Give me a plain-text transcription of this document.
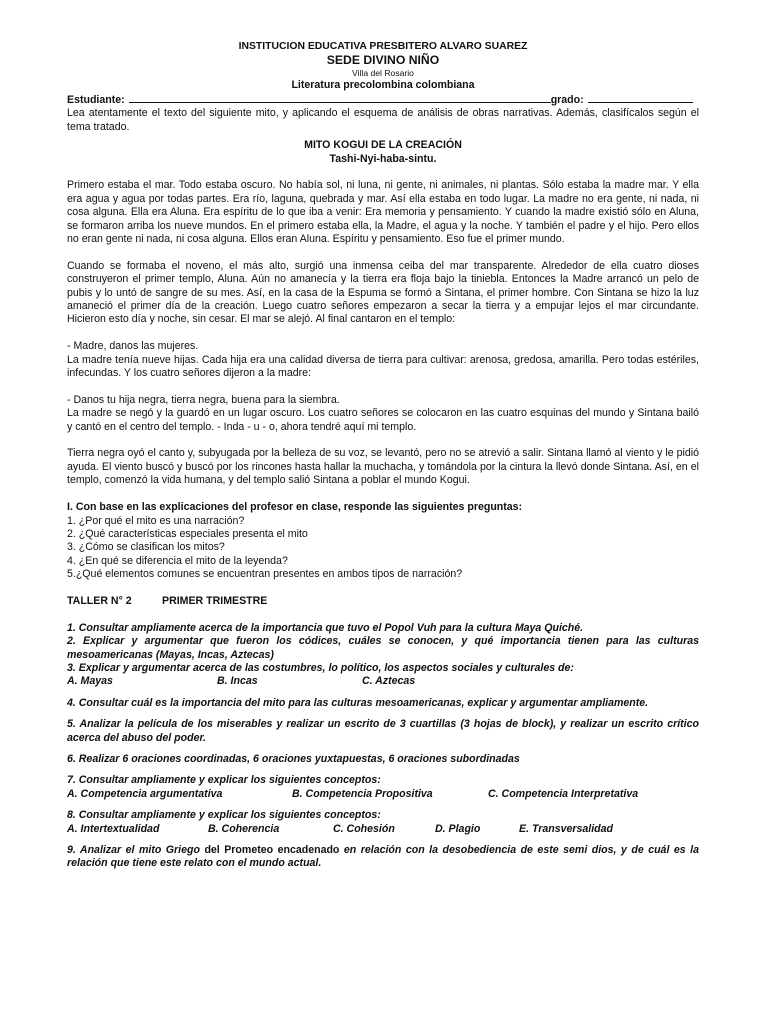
INSTITUCION EDUCATIVA PRESBITERO ALVARO SUAREZ
SEDE DIVINO NIÑO
Villa del Rosario
Literatura precolombina colombiana
Estudiante:	grado:

Lea atentamente el texto del siguiente mito, y aplicando el esquema de análisis de obras narrativas. Además, clasifícalos según el tema tratado.

MITO KOGUI DE LA CREACIÓN
Tashi-Nyi-haba-sintu.

Primero estaba el mar. Todo estaba oscuro. No había sol, ni luna, ni gente, ni animales, ni plantas. Sólo estaba la madre mar. Y ella era agua y agua por todas partes. Era río, laguna, quebrada y mar. Así ella estaba en todo lugar. La madre no era gente, ni nada, ni cosa alguna. Ella era Aluna. Era espíritu de lo que iba a venir: Era memoria y pensamiento. Y cuando la madre existió sólo en Aluna, se formaron arriba los nueve mundos. En el primero estaba ella, la Madre, el agua y la noche. Y también el padre y el hijo. Pero ellos no eran gente ni nada, ni cosa alguna. Ellos eran Aluna. Espíritu y pensamiento. Eso fue el primer mundo.

Cuando se formaba el noveno, el más alto, surgió una inmensa ceiba del mar transparente. Alrededor de ella cuatro dioses construyeron el primer templo, Aluna. Aún no amanecía y la tierra era floja bajo la tiniebla. Entonces la Madre arrancó un pelo de pubis y lo untó de sangre de su mes. Así, en la casa de la Espuma se formó a Sintana, el primer hombre. Con Sintana se hizo la luz amaneció el primer día de la creación. Luego cuatro señores empezaron a secar la tierra y a empujar lejos el mar circundante. Hicieron esto día y noche, sin cesar. El mar se alejó. Al final cantaron en el templo:

- Madre, danos las mujeres.

La madre tenía nueve hijas. Cada hija era una calidad diversa de tierra para cultivar: arenosa, gredosa, amarilla. Pero todas estériles, infecundas. Y los cuatro señores dijeron a la madre:

- Danos tu hija negra, tierra negra, buena para la siembra.

La madre se negó y la guardó en un lugar oscuro. Los cuatro señores se colocaron en las cuatro esquinas del mundo y Sintana bailó y cantó en el centro del templo. - Inda - u - o, ahora tendré aquí mi templo.

Tierra negra oyó el canto y, subyugada por la belleza de su voz, se levantó, pero no se atrevió a salir. Sintana llamó al viento y le pidió ayuda. El viento buscó y buscó por los rincones hasta hallar la muchacha, y tomándola por la cintura la llevó donde Sintana. Así, en el templo, comenzó la vida humana, y del templo salió Sintana a poblar el mundo Kogui.

I. Con base en las explicaciones del profesor en clase, responde las siguientes preguntas:

1. ¿Por qué el mito es una narración?

2. ¿Qué características especiales presenta el mito

3. ¿Cómo se clasifican los mitos?

4. ¿En qué se diferencia el mito de la leyenda?

5.¿Qué elementos comunes se encuentran presentes en ambos tipos de narración?

TALLER N° 2	PRIMER TRIMESTRE

1. Consultar ampliamente acerca de la importancia que tuvo el Popol Vuh para la cultura Maya Quiché.

2. Explicar y argumentar que fueron los códices, cuáles se conocen, y qué importancia tienen para las culturas mesoamericanas (Mayas, Incas, Aztecas)

3. Explicar y argumentar acerca de las costumbres, lo político, los aspectos sociales y culturales de:

A. Mayas	B. Incas	C. Aztecas

4. Consultar cuál es la importancia del mito para las culturas mesoamericanas, explicar y argumentar ampliamente.

5. Analizar la película de los miserables y realizar un escrito de 3 cuartillas (3 hojas de block), y realizar un escrito crítico acerca del abuso del poder.

6. Realizar 6 oraciones coordinadas, 6 oraciones yuxtapuestas, 6 oraciones subordinadas

7. Consultar ampliamente y explicar los siguientes conceptos:

A. Competencia argumentativa	B. Competencia Propositiva	C. Competencia Interpretativa

8. Consultar ampliamente y explicar los siguientes conceptos:

A. Intertextualidad	B. Coherencia	C. Cohesión	D. Plagio	E. Transversalidad

9. Analizar el mito Griego del Prometeo encadenado en relación con la desobediencia de este semi dios, y de cuál es la relación que tiene este relato con el mundo actual.
